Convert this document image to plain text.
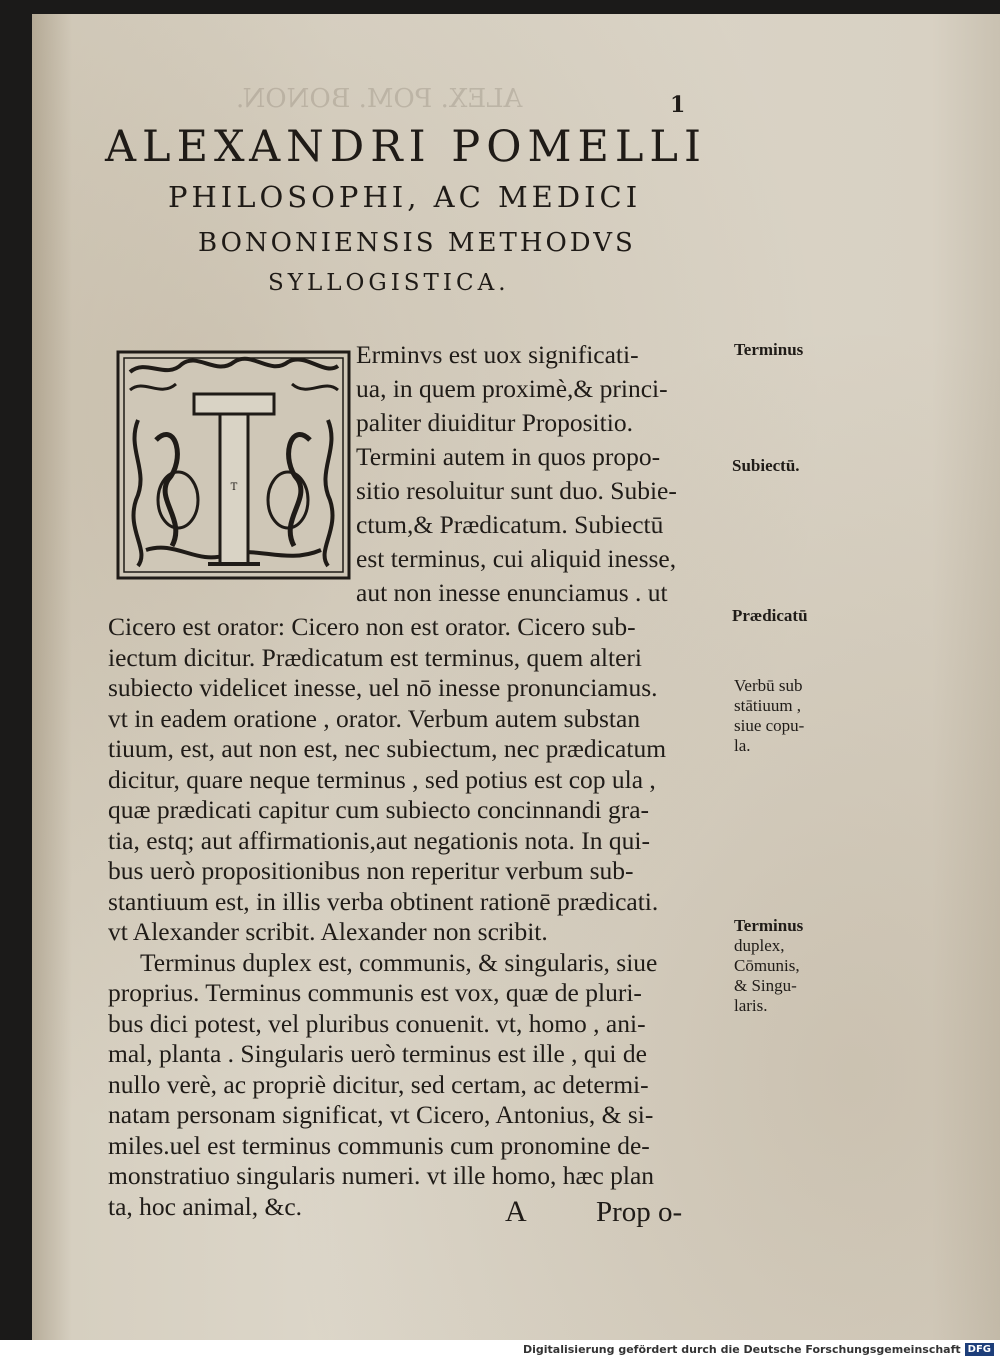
ALEX. POM. BONON.	1
ALEXANDRI POMELLI
PHILOSOPHI, AC MEDICI
BONONIENSIS METHODVS
SYLLOGISTICA.
T
Erminvs est uox significati-
ua, in quem proximè,& princi-
paliter diuiditur Propositio.
Termini autem in quos propo-
sitio resoluitur sunt duo. Subie-
ctum,& Prædicatum. Subiectū
est terminus, cui aliquid inesse,
aut non inesse enunciamus . ut
Cicero est orator: Cicero non est orator. Cicero sub-
iectum dicitur. Prædicatum est terminus, quem alteri
subiecto videlicet inesse, uel nō inesse pronunciamus.
vt in eadem oratione , orator. Verbum autem substan
tiuum, est, aut non est, nec subiectum, nec prædicatum
dicitur, quare neque terminus , sed potius est cop ula ,
quæ prædicati capitur cum subiecto concinnandi gra-
tia, estq; aut affirmationis,aut negationis nota. In qui-
bus uerò propositionibus non reperitur verbum sub-
stantiuum est, in illis verba obtinent rationē prædicati.
vt Alexander scribit. Alexander non scribit.
Terminus duplex est, communis, & singularis, siue
proprius. Terminus communis est vox, quæ de pluri-
bus dici potest, vel pluribus conuenit. vt, homo , ani-
mal, planta . Singularis uerò terminus est ille , qui de
nullo verè, ac propriè dicitur, sed certam, ac determi-
natam personam significat, vt Cicero, Antonius, & si-
miles.uel est terminus communis cum pronomine de-
Terminus
Subiectū.
Prædicatū
Verbū sub
stātiuum ,
siue copu-
la.
Terminus
duplex,
Cōmunis,
& Singu-
laris.
A Prop o-
monstratiuo singularis numeri. vt ille homo, hæc plan
ta, hoc animal, &c.
Digitalisierung gefördert durch die Deutsche Forschungsgemeinschaft DFG
